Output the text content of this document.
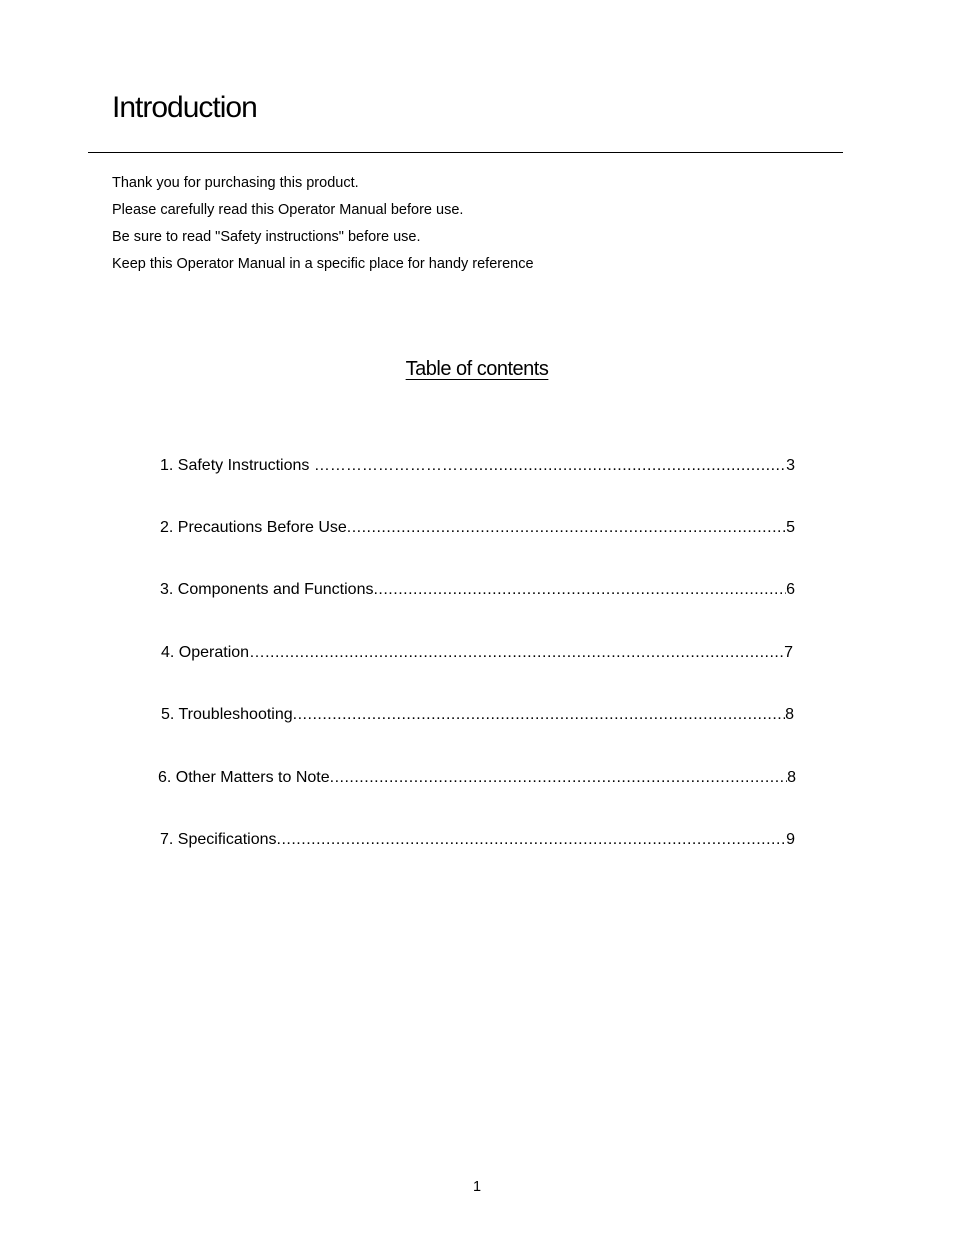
Introduction
Thank you for purchasing this product.
Please carefully read this Operator Manual before use.
Be sure to read "Safety instructions" before use.
Keep this Operator Manual in a specific place for handy reference
Table of contents
1. Safety Instructions ………………………… .....	3
2. Precautions Before Use .....	5
3. Components and Functions .....	6
4. Operation… .....	7
5. Troubleshooting .....	8
6. Other Matters to Note .....	8
7. Specifications .....	9
1
